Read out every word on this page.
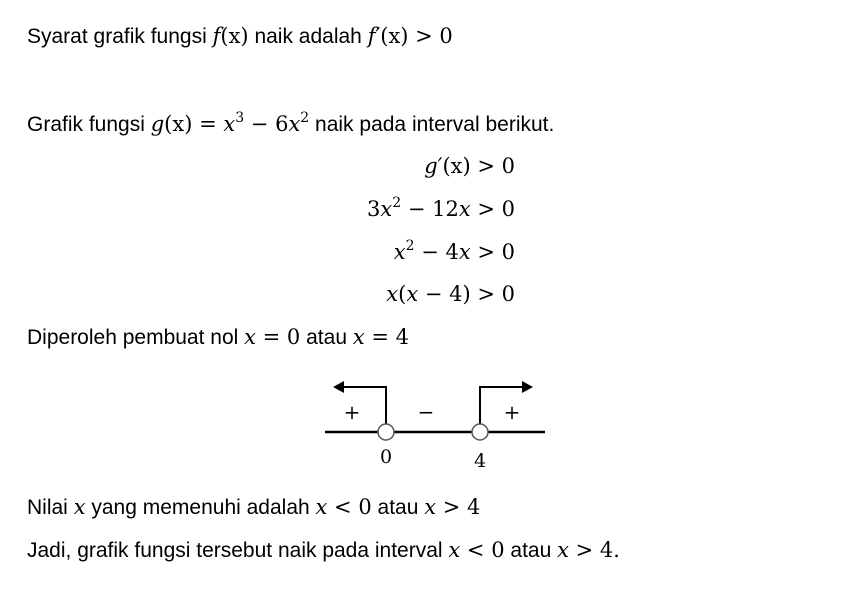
Syarat grafik fungsi f(x) naik adalah f′(x) > 0
Grafik fungsi $g(x) = x^3 - 6x^2$ naik pada interval berikut.
g′(x) > 0
$3x^2 - 12x > 0$
$x^2 - 4x > 0$
x(x − 4) > 0
Diperoleh pembuat nol x = 0 atau x = 4
+	−	+
0	4
Nilai x yang memenuhi adalah x < 0 atau x > 4
Jadi, grafik fungsi tersebut naik pada interval x < 0 atau x > 4.
